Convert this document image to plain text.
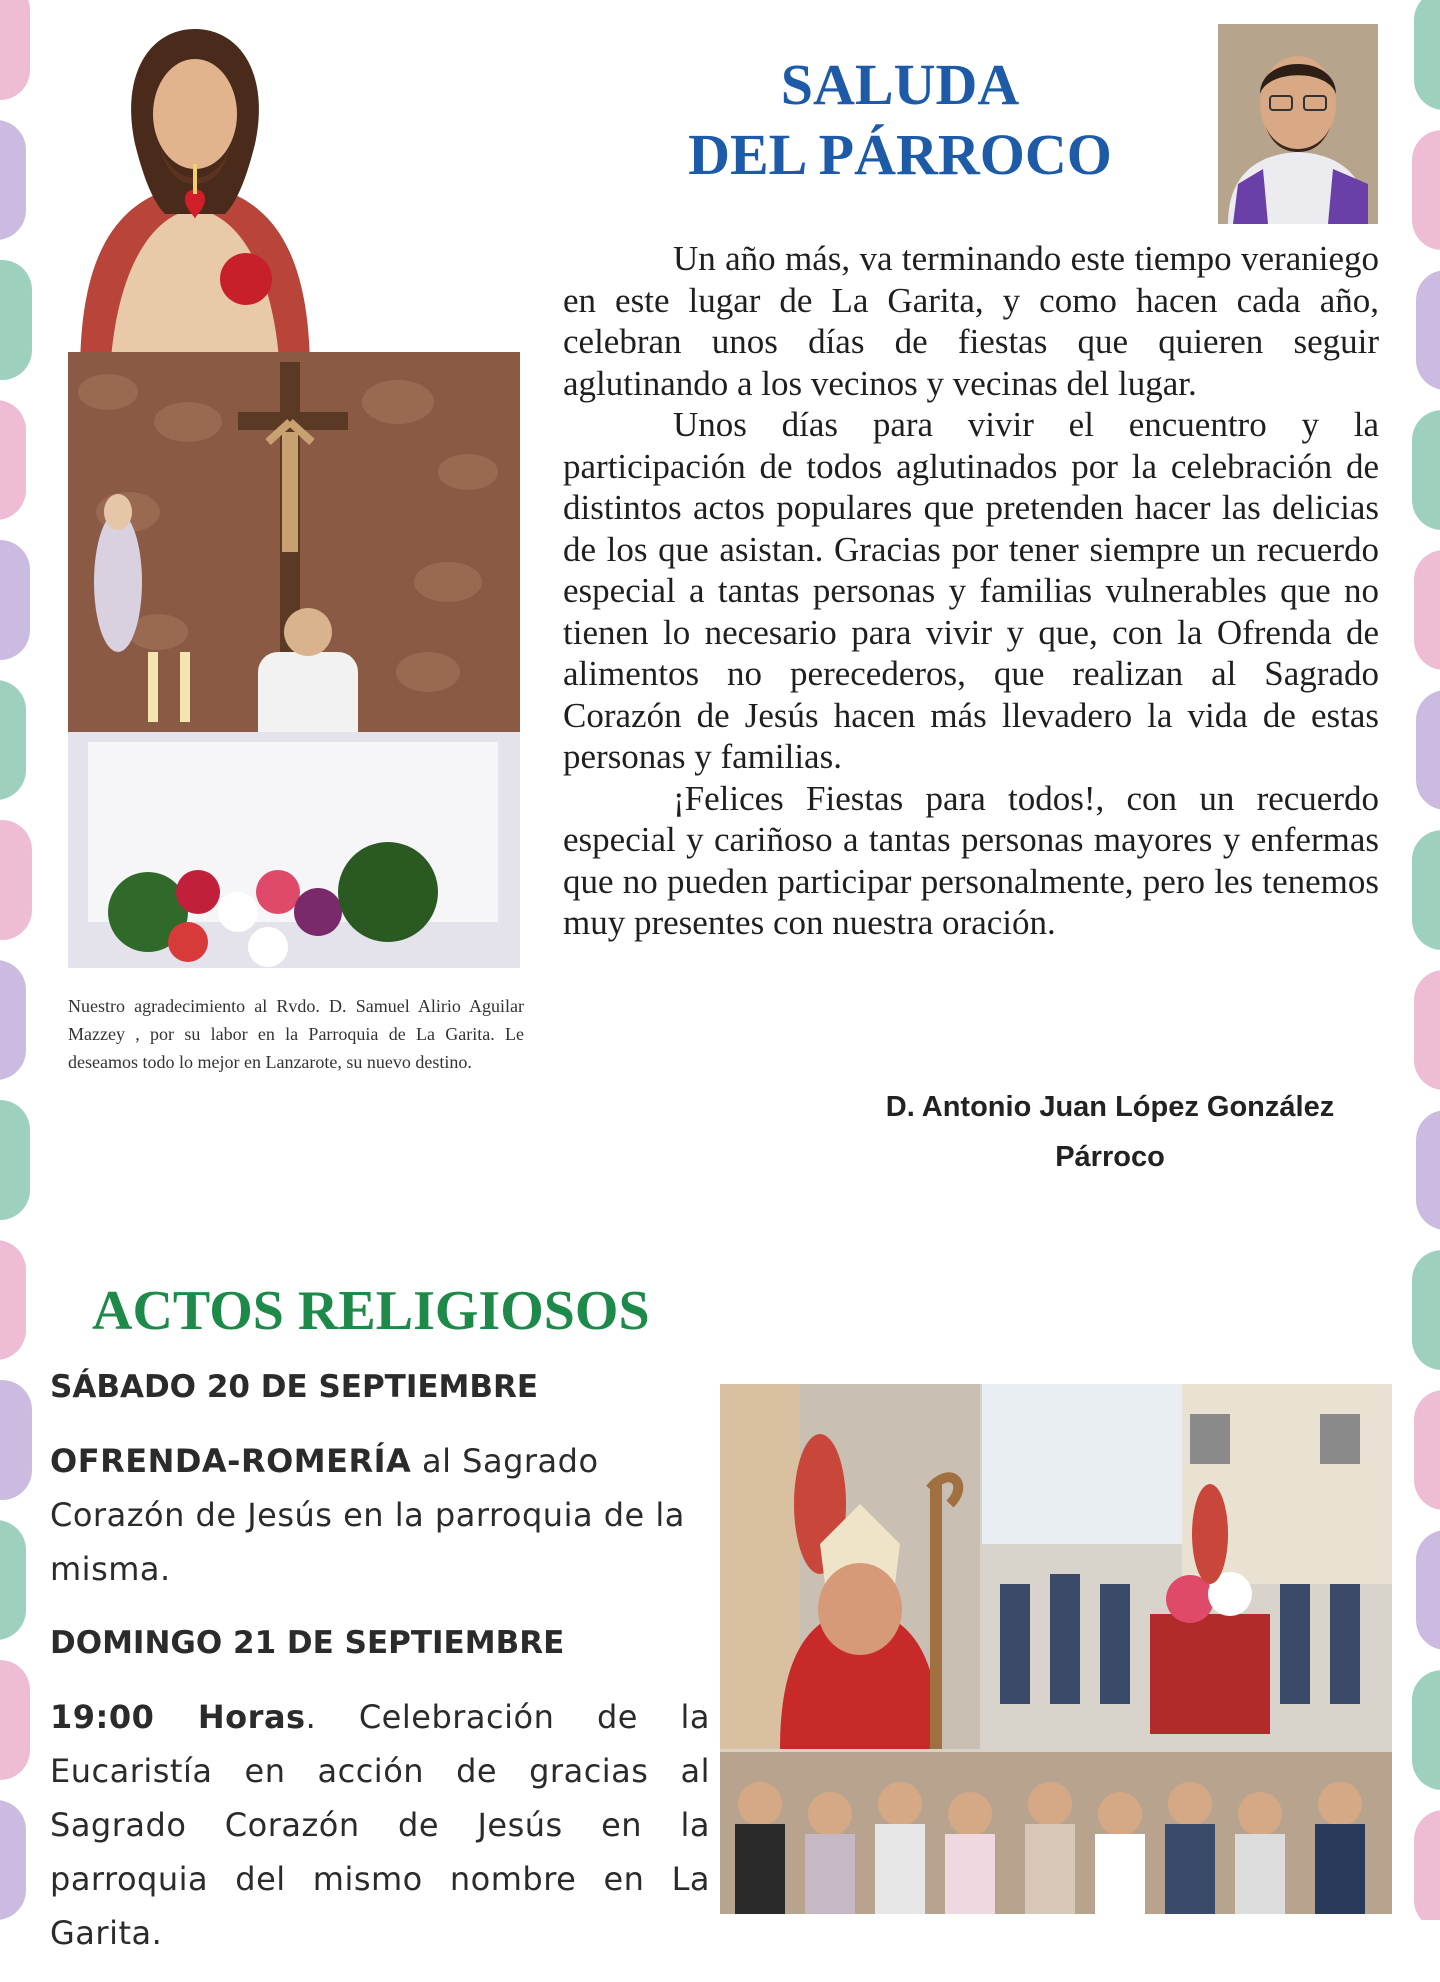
Nuestro agradecimiento al Rvdo. D. Samuel Alirio Aguilar Mazzey , por su labor en la Parroquia de La Garita. Le deseamos todo lo mejor en Lanzarote, su nuevo destino.
SALUDA
DEL PÁRROCO

Un año más, va terminando este tiempo veraniego en este lugar de La Garita, y como hacen cada año, celebran unos días de fiestas que quieren seguir aglutinando a los vecinos y vecinas del lugar.

Unos días para vivir el encuentro y la participación de todos aglutinados por la celebración de distintos actos populares que pretenden hacer las delicias de los que asistan. Gracias por tener siempre un recuerdo especial a tantas personas y familias vulnerables que no tienen lo necesario para vivir y que, con la Ofrenda de alimentos no perecederos, que realizan al Sagrado Corazón de Jesús hacen más llevadero la vida de estas personas y familias.

¡Felices Fiestas para todos!, con un recuerdo especial y cariñoso a tantas personas mayores y enfermas que no pueden participar personalmente, pero les tenemos muy presentes con nuestra oración.

D. Antonio Juan López González
Párroco
ACTOS RELIGIOSOS
SÁBADO 20 DE SEPTIEMBRE
OFRENDA-ROMERÍA al Sagrado Corazón de Jesús en la parroquia de la misma.
DOMINGO 21 DE SEPTIEMBRE
19:00 Horas. Celebración de la Eucaristía en acción de gracias al Sagrado Corazón de Jesús en la parroquia del mismo nombre en La Garita.
